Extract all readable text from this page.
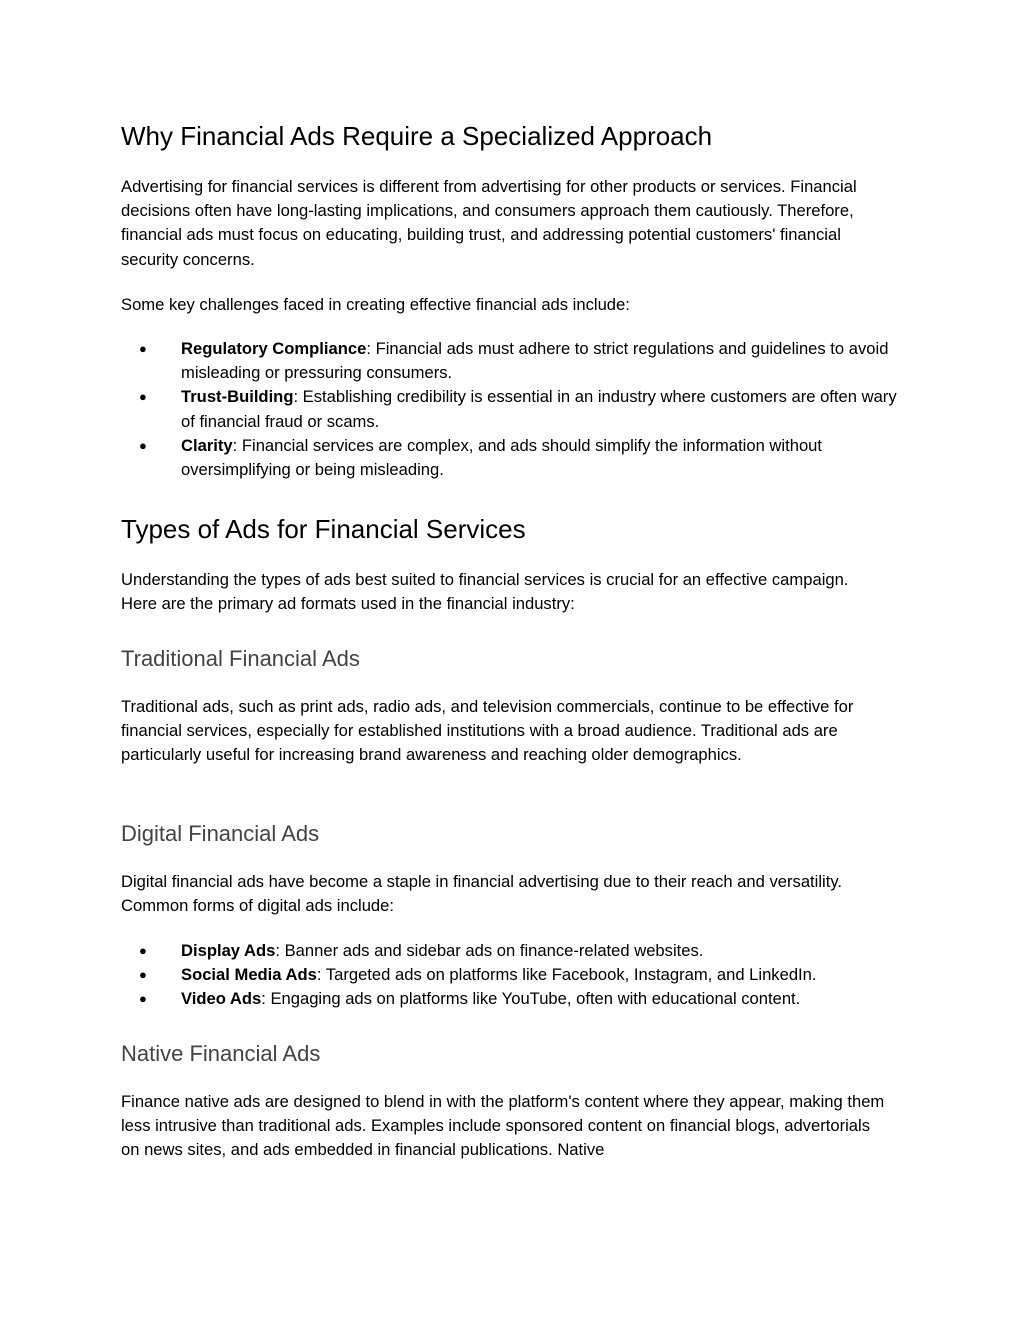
Why Financial Ads Require a Specialized Approach

Advertising for financial services is different from advertising for other products or services. Financial decisions often have long-lasting implications, and consumers approach them cautiously. Therefore, financial ads must focus on educating, building trust, and addressing potential customers' financial security concerns.

Some key challenges faced in creating effective financial ads include:

● Regulatory Compliance: Financial ads must adhere to strict regulations and guidelines to avoid misleading or pressuring consumers.
● Trust-Building: Establishing credibility is essential in an industry where customers are often wary of financial fraud or scams.
● Clarity: Financial services are complex, and ads should simplify the information without oversimplifying or being misleading.
Types of Ads for Financial Services

Understanding the types of ads best suited to financial services is crucial for an effective campaign. Here are the primary ad formats used in the financial industry:

Traditional Financial Ads

Traditional ads, such as print ads, radio ads, and television commercials, continue to be effective for financial services, especially for established institutions with a broad audience. Traditional ads are particularly useful for increasing brand awareness and reaching older demographics.

Digital Financial Ads

Digital financial ads have become a staple in financial advertising due to their reach and versatility. Common forms of digital ads include:

● Display Ads: Banner ads and sidebar ads on finance-related websites.
● Social Media Ads: Targeted ads on platforms like Facebook, Instagram, and LinkedIn.
● Video Ads: Engaging ads on platforms like YouTube, often with educational content.
Native Financial Ads

Finance native ads are designed to blend in with the platform's content where they appear, making them less intrusive than traditional ads. Examples include sponsored content on financial blogs, advertorials on news sites, and ads embedded in financial publications. Native
